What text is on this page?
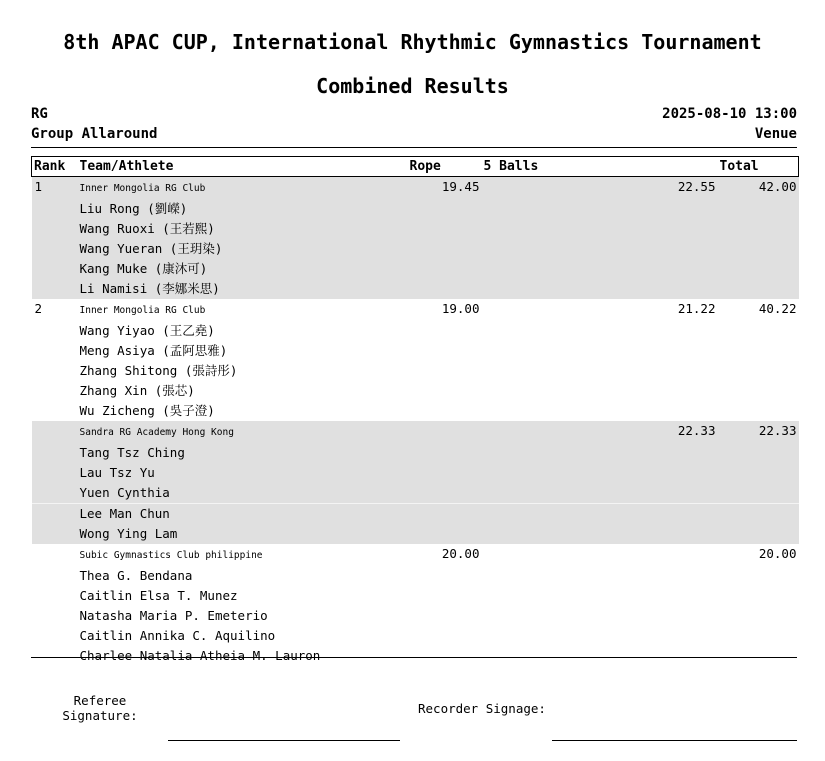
8th APAC CUP, International Rhythmic Gymnastics Tournament
Combined Results
RG
Group Allaround
2025-08-10 13:00
Venue
Rank	Team/Athlete	Rope	5 Balls	Total
1	Inner Mongolia RG Club	19.45	22.55	42.00
	Liu Rong (劉嶸)			
	Wang Ruoxi (王若熙)			
	Wang Yueran (王玥染)			
	Kang Muke (康沐可)			
	Li Namisi (李娜米思)			
2	Inner Mongolia RG Club	19.00	21.22	40.22
	Wang Yiyao (王乙堯)			
	Meng Asiya (孟阿思雅)			
	Zhang Shitong (張詩彤)			
	Zhang Xin (張芯)			
	Wu Zicheng (吳子澄)			
	Sandra RG Academy Hong Kong		22.33	22.33
	Tang Tsz Ching			
	Lau Tsz Yu			
	Yuen Cynthia			
	Lee Man Chun			
	Wong Ying Lam			
	Subic Gymnastics Club philippine	20.00		20.00
	Thea G. Bendana			
	Caitlin Elsa T. Munez			
	Natasha Maria P. Emeterio			
	Caitlin Annika C. Aquilino			
	Charlee Natalia Atheia M. Lauron			
Referee
Signature:	Recorder Signage:
